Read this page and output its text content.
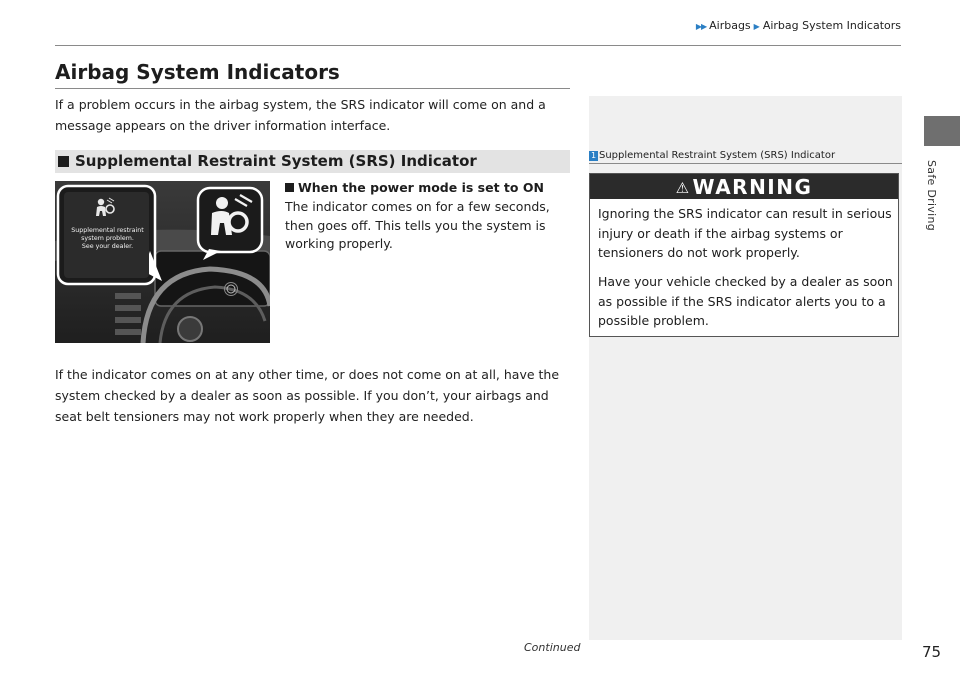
▶▶ Airbags ▶ Airbag System Indicators
Safe Driving
Airbag System Indicators
If a problem occurs in the airbag system, the SRS indicator will come on and a message appears on the driver information interface.
Supplemental Restraint System (SRS) Indicator
Supplemental restraint
system problem.
See your dealer.
When the power mode is set to ON
The indicator comes on for a few seconds, then goes off. This tells you the system is working properly.
If the indicator comes on at any other time, or does not come on at all, have the system checked by a dealer as soon as possible. If you don’t, your airbags and seat belt tensioners may not work properly when they are needed.
1 Supplemental Restraint System (SRS) Indicator
⚠ WARNING
Ignoring the SRS indicator can result in serious injury or death if the airbag systems or tensioners do not work properly.
Have your vehicle checked by a dealer as soon as possible if the SRS indicator alerts you to a possible problem.
Continued	75
